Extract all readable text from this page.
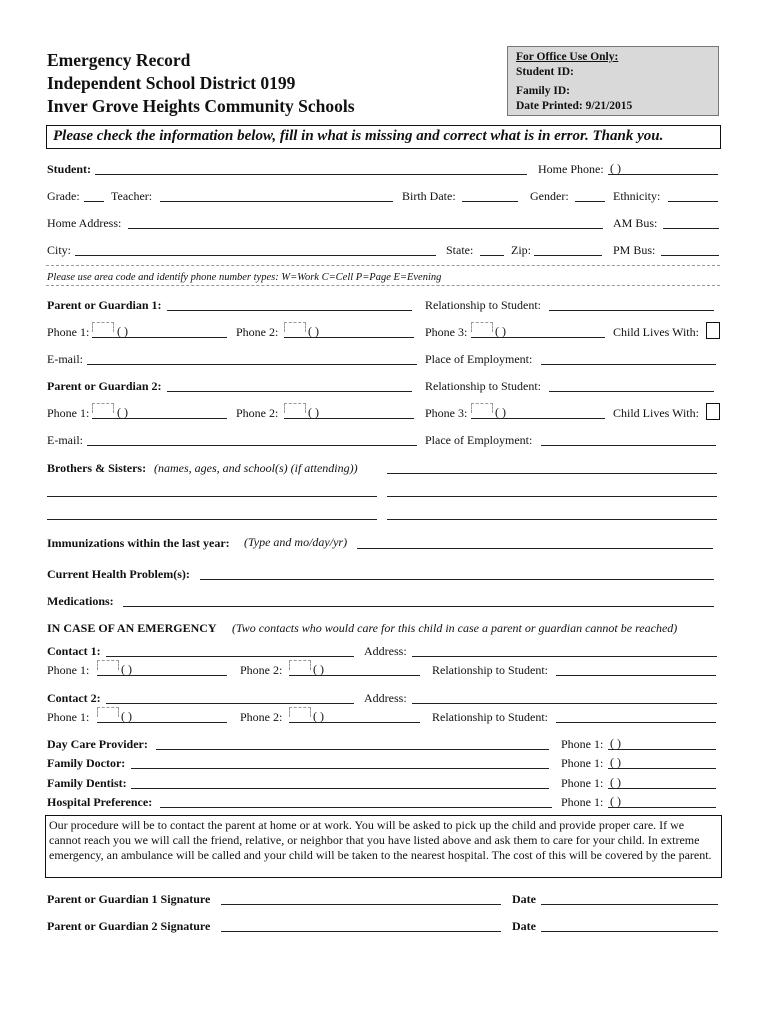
Emergency Record
Independent School District 0199
Inver Grove Heights Community Schools
For Office Use Only:
Student ID:
Family ID:
Date Printed: 9/21/2015
Please check the information below, fill in what is missing and correct what is in error. Thank you.
Student:	Home Phone: ( )
Grade:	Teacher:	Birth Date:	Gender:	Ethnicity:
Home Address:	AM Bus:
City:	State:	Zip:	PM Bus:
Please use area code and identify phone number types: W=Work C=Cell P=Page E=Evening
Parent or Guardian 1:	Relationship to Student:
Phone 1: ( )	Phone 2: ( )	Phone 3: ( )	Child Lives With:
E-mail:	Place of Employment:
Parent or Guardian 2:	Relationship to Student:
Phone 1: ( )	Phone 2: ( )	Phone 3: ( )	Child Lives With:
E-mail:	Place of Employment:
Brothers & Sisters: (names, ages, and school(s) (if attending))
Immunizations within the last year: (Type and mo/day/yr)
Current Health Problem(s):
Medications:
IN CASE OF AN EMERGENCY (Two contacts who would care for this child in case a parent or guardian cannot be reached)
Contact 1:	Address:
Phone 1:	( )	Phone 2:	( )	Relationship to Student:
Contact 2:	Address:
Phone 1:	( )	Phone 2:	( )	Relationship to Student:
Day Care Provider:	Phone 1: ( )
Family Doctor:	Phone 1: ( )
Family Dentist:	Phone 1: ( )
Hospital Preference:	Phone 1: ( )
Our procedure will be to contact the parent at home or at work. You will be asked to pick up the child and provide proper care. If we cannot reach you we will call the friend, relative, or neighbor that you have listed above and ask them to care for your child. In extreme emergency, an ambulance will be called and your child will be taken to the nearest hospital. The cost of this will be covered by the parent.
Parent or Guardian 1 Signature	Date
Parent or Guardian 2 Signature	Date
